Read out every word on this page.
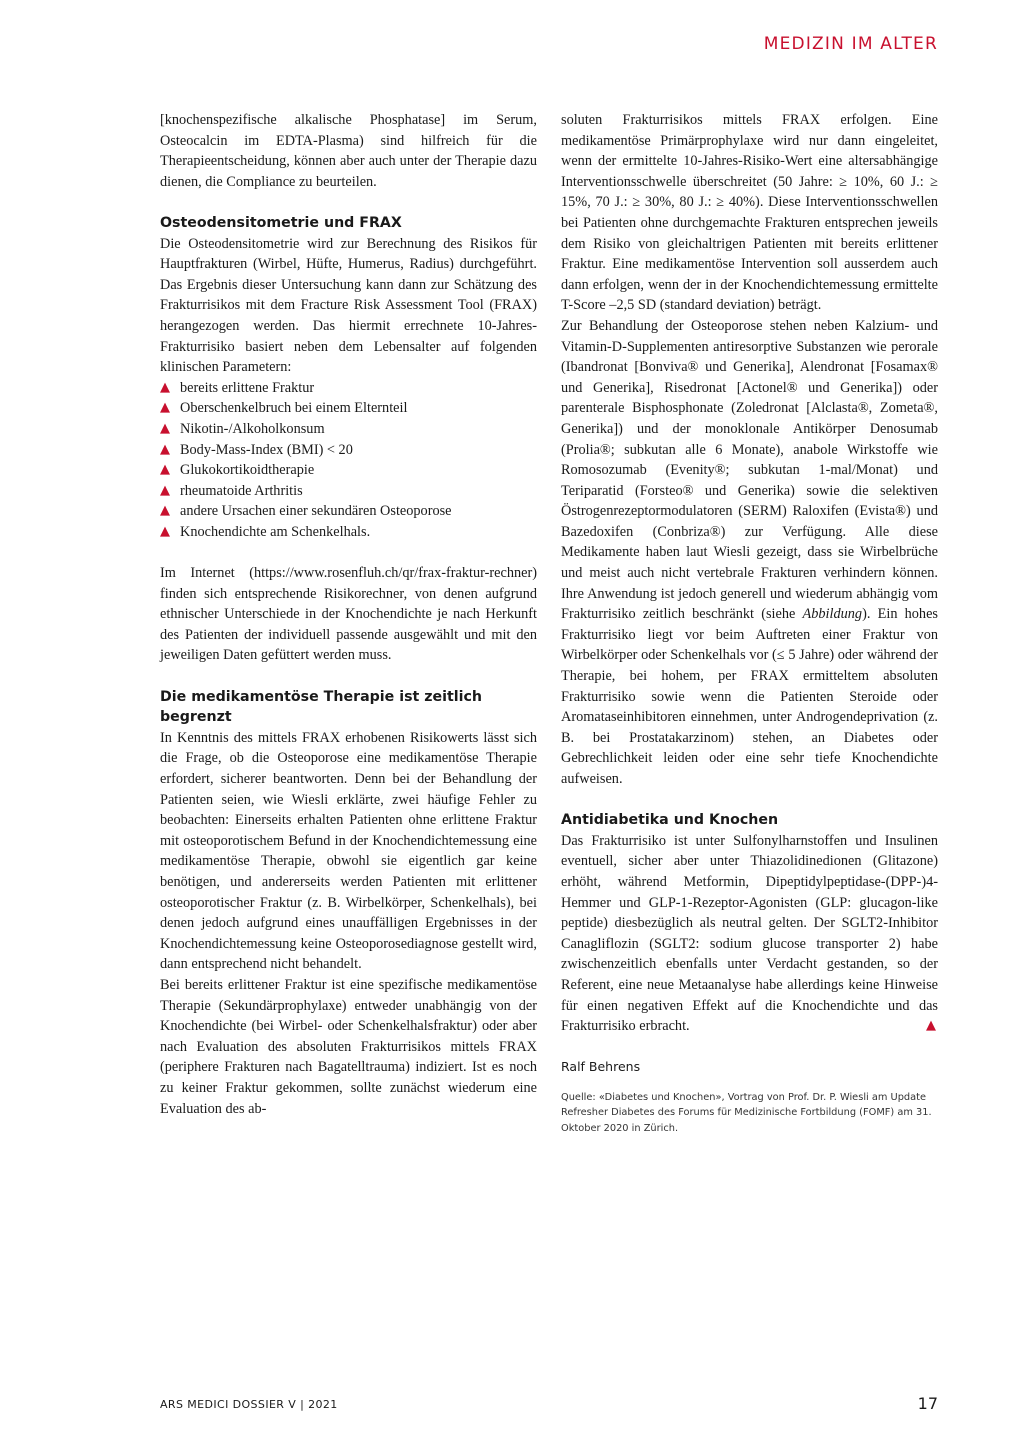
MEDIZIN IM ALTER

[knochenspezifische alkalische Phosphatase] im Serum, Osteocalcin im EDTA-Plasma) sind hilfreich für die Therapieentscheidung, können aber auch unter der Therapie dazu dienen, die Compliance zu beurteilen.

Osteodensitometrie und FRAX

Die Osteodensitometrie wird zur Berechnung des Risikos für Hauptfrakturen (Wirbel, Hüfte, Humerus, Radius) durchgeführt. Das Ergebnis dieser Untersuchung kann dann zur Schätzung des Frakturrisikos mit dem Fracture Risk Assessment Tool (FRAX) herangezogen werden. Das hiermit errechnete 10-Jahres-Frakturrisiko basiert neben dem Lebensalter auf folgenden klinischen Parametern:

▲ bereits erlittene Fraktur
▲ Oberschenkelbruch bei einem Elternteil
▲ Nikotin-/Alkoholkonsum
▲ Body-Mass-Index (BMI) < 20
▲ Glukokortikoidtherapie
▲ rheumatoide Arthritis
▲ andere Ursachen einer sekundären Osteoporose
▲ Knochendichte am Schenkelhals.

Im Internet (https://www.rosenfluh.ch/qr/frax-fraktur-rechner) finden sich entsprechende Risikorechner, von denen aufgrund ethnischer Unterschiede in der Knochendichte je nach Herkunft des Patienten der individuell passende ausgewählt und mit den jeweiligen Daten gefüttert werden muss.

Die medikamentöse Therapie ist zeitlich begrenzt

In Kenntnis des mittels FRAX erhobenen Risikowerts lässt sich die Frage, ob die Osteoporose eine medikamentöse Therapie erfordert, sicherer beantworten. Denn bei der Behandlung der Patienten seien, wie Wiesli erklärte, zwei häufige Fehler zu beobachten: Einerseits erhalten Patienten ohne erlittene Fraktur mit osteoporotischem Befund in der Knochendichtemessung eine medikamentöse Therapie, obwohl sie eigentlich gar keine benötigen, und andererseits werden Patienten mit erlittener osteoporotischer Fraktur (z. B. Wirbelkörper, Schenkelhals), bei denen jedoch aufgrund eines unauffälligen Ergebnisses in der Knochendichtemessung keine Osteoporosediagnose gestellt wird, dann entsprechend nicht behandelt.

Bei bereits erlittener Fraktur ist eine spezifische medikamentöse Therapie (Sekundärprophylaxe) entweder unabhängig von der Knochendichte (bei Wirbel- oder Schenkelhalsfraktur) oder aber nach Evaluation des absoluten Frakturrisikos mittels FRAX (periphere Frakturen nach Bagatelltrauma) indiziert. Ist es noch zu keiner Fraktur gekommen, sollte zunächst wiederum eine Evaluation des ab-

soluten Frakturrisikos mittels FRAX erfolgen. Eine medikamentöse Primärprophylaxe wird nur dann eingeleitet, wenn der ermittelte 10-Jahres-Risiko-Wert eine altersabhängige Interventionsschwelle überschreitet (50 Jahre: ≥ 10%, 60 J.: ≥ 15%, 70 J.: ≥ 30%, 80 J.: ≥ 40%). Diese Interventionsschwellen bei Patienten ohne durchgemachte Frakturen entsprechen jeweils dem Risiko von gleichaltrigen Patienten mit bereits erlittener Fraktur. Eine medikamentöse Intervention soll ausserdem auch dann erfolgen, wenn der in der Knochendichtemessung ermittelte T-Score –2,5 SD (standard deviation) beträgt.

Zur Behandlung der Osteoporose stehen neben Kalzium- und Vitamin-D-Supplementen antiresorptive Substanzen wie perorale (Ibandronat [Bonviva® und Generika], Alendronat [Fosamax® und Generika], Risedronat [Actonel® und Generika]) oder parenterale Bisphosphonate (Zoledronat [Alclasta®, Zometa®, Generika]) und der monoklonale Antikörper Denosumab (Prolia®; subkutan alle 6 Monate), anabole Wirkstoffe wie Romosozumab (Evenity®; subkutan 1-mal/Monat) und Teriparatid (Forsteo® und Generika) sowie die selektiven Östrogenrezeptormodulatoren (SERM) Raloxifen (Evista®) und Bazedoxifen (Conbriza®) zur Verfügung. Alle diese Medikamente haben laut Wiesli gezeigt, dass sie Wirbelbrüche und meist auch nicht vertebrale Frakturen verhindern können. Ihre Anwendung ist jedoch generell und wiederum abhängig vom Frakturrisiko zeitlich beschränkt (siehe Abbildung). Ein hohes Frakturrisiko liegt vor beim Auftreten einer Fraktur von Wirbelkörper oder Schenkelhals vor (≤ 5 Jahre) oder während der Therapie, bei hohem, per FRAX ermitteltem absoluten Frakturrisiko sowie wenn die Patienten Steroide oder Aromataseinhibitoren einnehmen, unter Androgendeprivation (z. B. bei Prostatakarzinom) stehen, an Diabetes oder Gebrechlichkeit leiden oder eine sehr tiefe Knochendichte aufweisen.

Antidiabetika und Knochen

Das Frakturrisiko ist unter Sulfonylharnstoffen und Insulinen eventuell, sicher aber unter Thiazolidinedionen (Glitazone) erhöht, während Metformin, Dipeptidylpeptidase-(DPP-)4-Hemmer und GLP-1-Rezeptor-Agonisten (GLP: glucagon-like peptide) diesbezüglich als neutral gelten. Der SGLT2-Inhibitor Canagliflozin (SGLT2: sodium glucose transporter 2) habe zwischenzeitlich ebenfalls unter Verdacht gestanden, so der Referent, eine neue Metaanalyse habe allerdings keine Hinweise für einen negativen Effekt auf die Knochendichte und das Frakturrisiko erbracht.	▲

Ralf Behrens

Quelle: «Diabetes und Knochen», Vortrag von Prof. Dr. P. Wiesli am Update Refresher Diabetes des Forums für Medizinische Fortbildung (FOMF) am 31. Oktober 2020 in Zürich.

ARS MEDICI DOSSIER V | 2021	17
